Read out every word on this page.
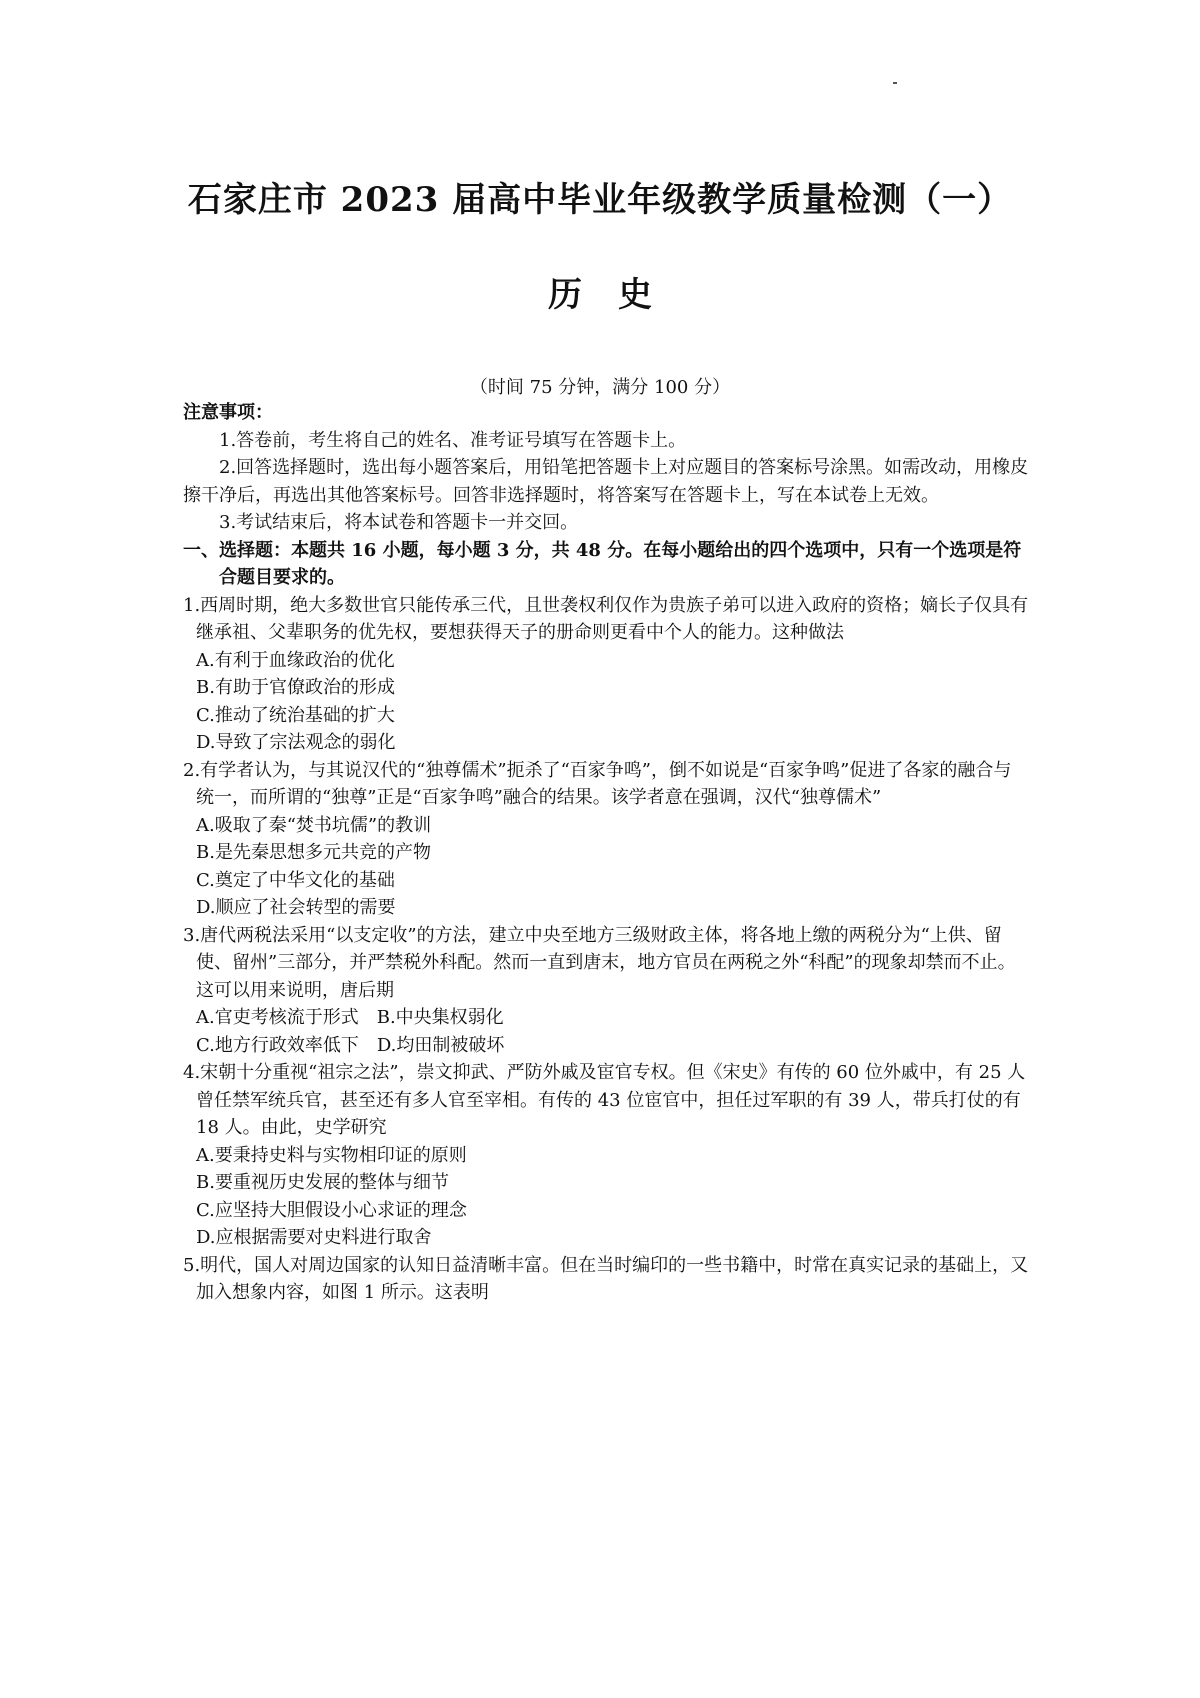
石家庄市 2023 届高中毕业年级教学质量检测（一）
历史
（时间 75 分钟，满分 100 分）

注意事项：

1.答卷前，考生将自己的姓名、准考证号填写在答题卡上。

2.回答选择题时，选出每小题答案后，用铅笔把答题卡上对应题目的答案标号涂黑。如需改动，用橡皮擦干净后，再选出其他答案标号。回答非选择题时，将答案写在答题卡上，写在本试卷上无效。

3.考试结束后，将本试卷和答题卡一并交回。

一、选择题：本题共 16 小题，每小题 3 分，共 48 分。在每小题给出的四个选项中，只有一个选项是符合题目要求的。

1.西周时期，绝大多数世官只能传承三代，且世袭权利仅作为贵族子弟可以进入政府的资格；嫡长子仅具有继承祖、父辈职务的优先权，要想获得天子的册命则更看中个人的能力。这种做法

A.有利于血缘政治的优化

B.有助于官僚政治的形成

C.推动了统治基础的扩大

D.导致了宗法观念的弱化

2.有学者认为，与其说汉代的“独尊儒术”扼杀了“百家争鸣”，倒不如说是“百家争鸣”促进了各家的融合与统一，而所谓的“独尊”正是“百家争鸣”融合的结果。该学者意在强调，汉代“独尊儒术”

A.吸取了秦“焚书坑儒”的教训

B.是先秦思想多元共竞的产物

C.奠定了中华文化的基础

D.顺应了社会转型的需要

3.唐代两税法采用“以支定收”的方法，建立中央至地方三级财政主体，将各地上缴的两税分为“上供、留使、留州”三部分，并严禁税外科配。然而一直到唐末，地方官员在两税之外“科配”的现象却禁而不止。这可以用来说明，唐后期

A.官吏考核流于形式 B.中央集权弱化

C.地方行政效率低下 D.均田制被破坏

4.宋朝十分重视“祖宗之法”，崇文抑武、严防外戚及宦官专权。但《宋史》有传的 60 位外戚中，有 25 人曾任禁军统兵官，甚至还有多人官至宰相。有传的 43 位宦官中，担任过军职的有 39 人，带兵打仗的有 18 人。由此，史学研究

A.要秉持史料与实物相印证的原则

B.要重视历史发展的整体与细节

C.应坚持大胆假设小心求证的理念

D.应根据需要对史料进行取舍

5.明代，国人对周边国家的认知日益清晰丰富。但在当时编印的一些书籍中，时常在真实记录的基础上，又加入想象内容，如图 1 所示。这表明
